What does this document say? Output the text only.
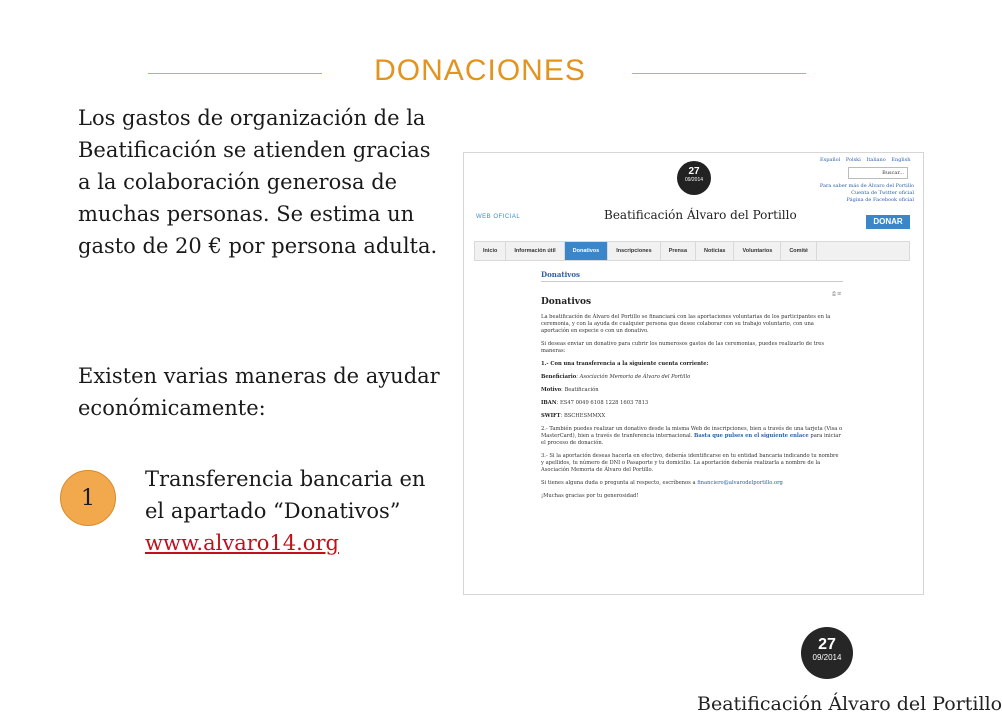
DONACIONES
Los gastos de organización de la Beatificación se atienden gracias a la colaboración generosa de muchas personas. Se estima un gasto de 20 € por persona adulta.
Existen varias maneras de ayudar económicamente:
1
Transferencia bancaria en el apartado “Donativos”
www.alvaro14.org
27
09/2014
Español Polski Italiano English
Buscar...
Para saber más de Álvaro del Portillo
Cuenta de Twitter oficial
Página de Facebook oficial
WEB OFICIAL	Beatificación Álvaro del Portillo	DONAR
Inicio	Información útil	Donativos	Inscripciones	Prensa	Noticias	Voluntarios	Comité
Donativos
⎙ ✉
Donativos

La beatificación de Álvaro del Portillo se financiará con las aportaciones voluntarias de los participantes en la ceremonia, y con la ayuda de cualquier persona que desee colaborar con su trabajo voluntario, con una aportación en especie o con un donativo.

Si deseas enviar un donativo para cubrir los numerosos gastos de las ceremonias, puedes realizarlo de tres maneras:

1.- Con una transferencia a la siguiente cuenta corriente:

Beneficiario: Asociación Memoria de Álvaro del Portillo

Motivo: Beatificación

IBAN: ES47 0049 6108 1228 1603 7813

SWIFT: BSCHESMMXX

2.- También puedes realizar un donativo desde la misma Web de inscripciones, bien a través de una tarjeta (Visa o MasterCard), bien a través de tranferencia internacional. Basta que pulses en el siguiente enlace para iniciar el proceso de donación.

3.- Si la aportación deseas hacerla en efectivo, deberás identificarse en tu entidad bancaria indicando tu nombre y apellidos, tu número de DNI o Pasaporte y tu domicilio. La aportación deberás realizarla a nombre de la Asociación Memoria de Álvaro del Portillo.

Si tienes alguna duda o pregunta al respecto, escríbenos a financiero@alvarodelportillo.org

¡Muchas gracias por tu generosidad!

27
09/2014
Beatificación Álvaro del Portillo
